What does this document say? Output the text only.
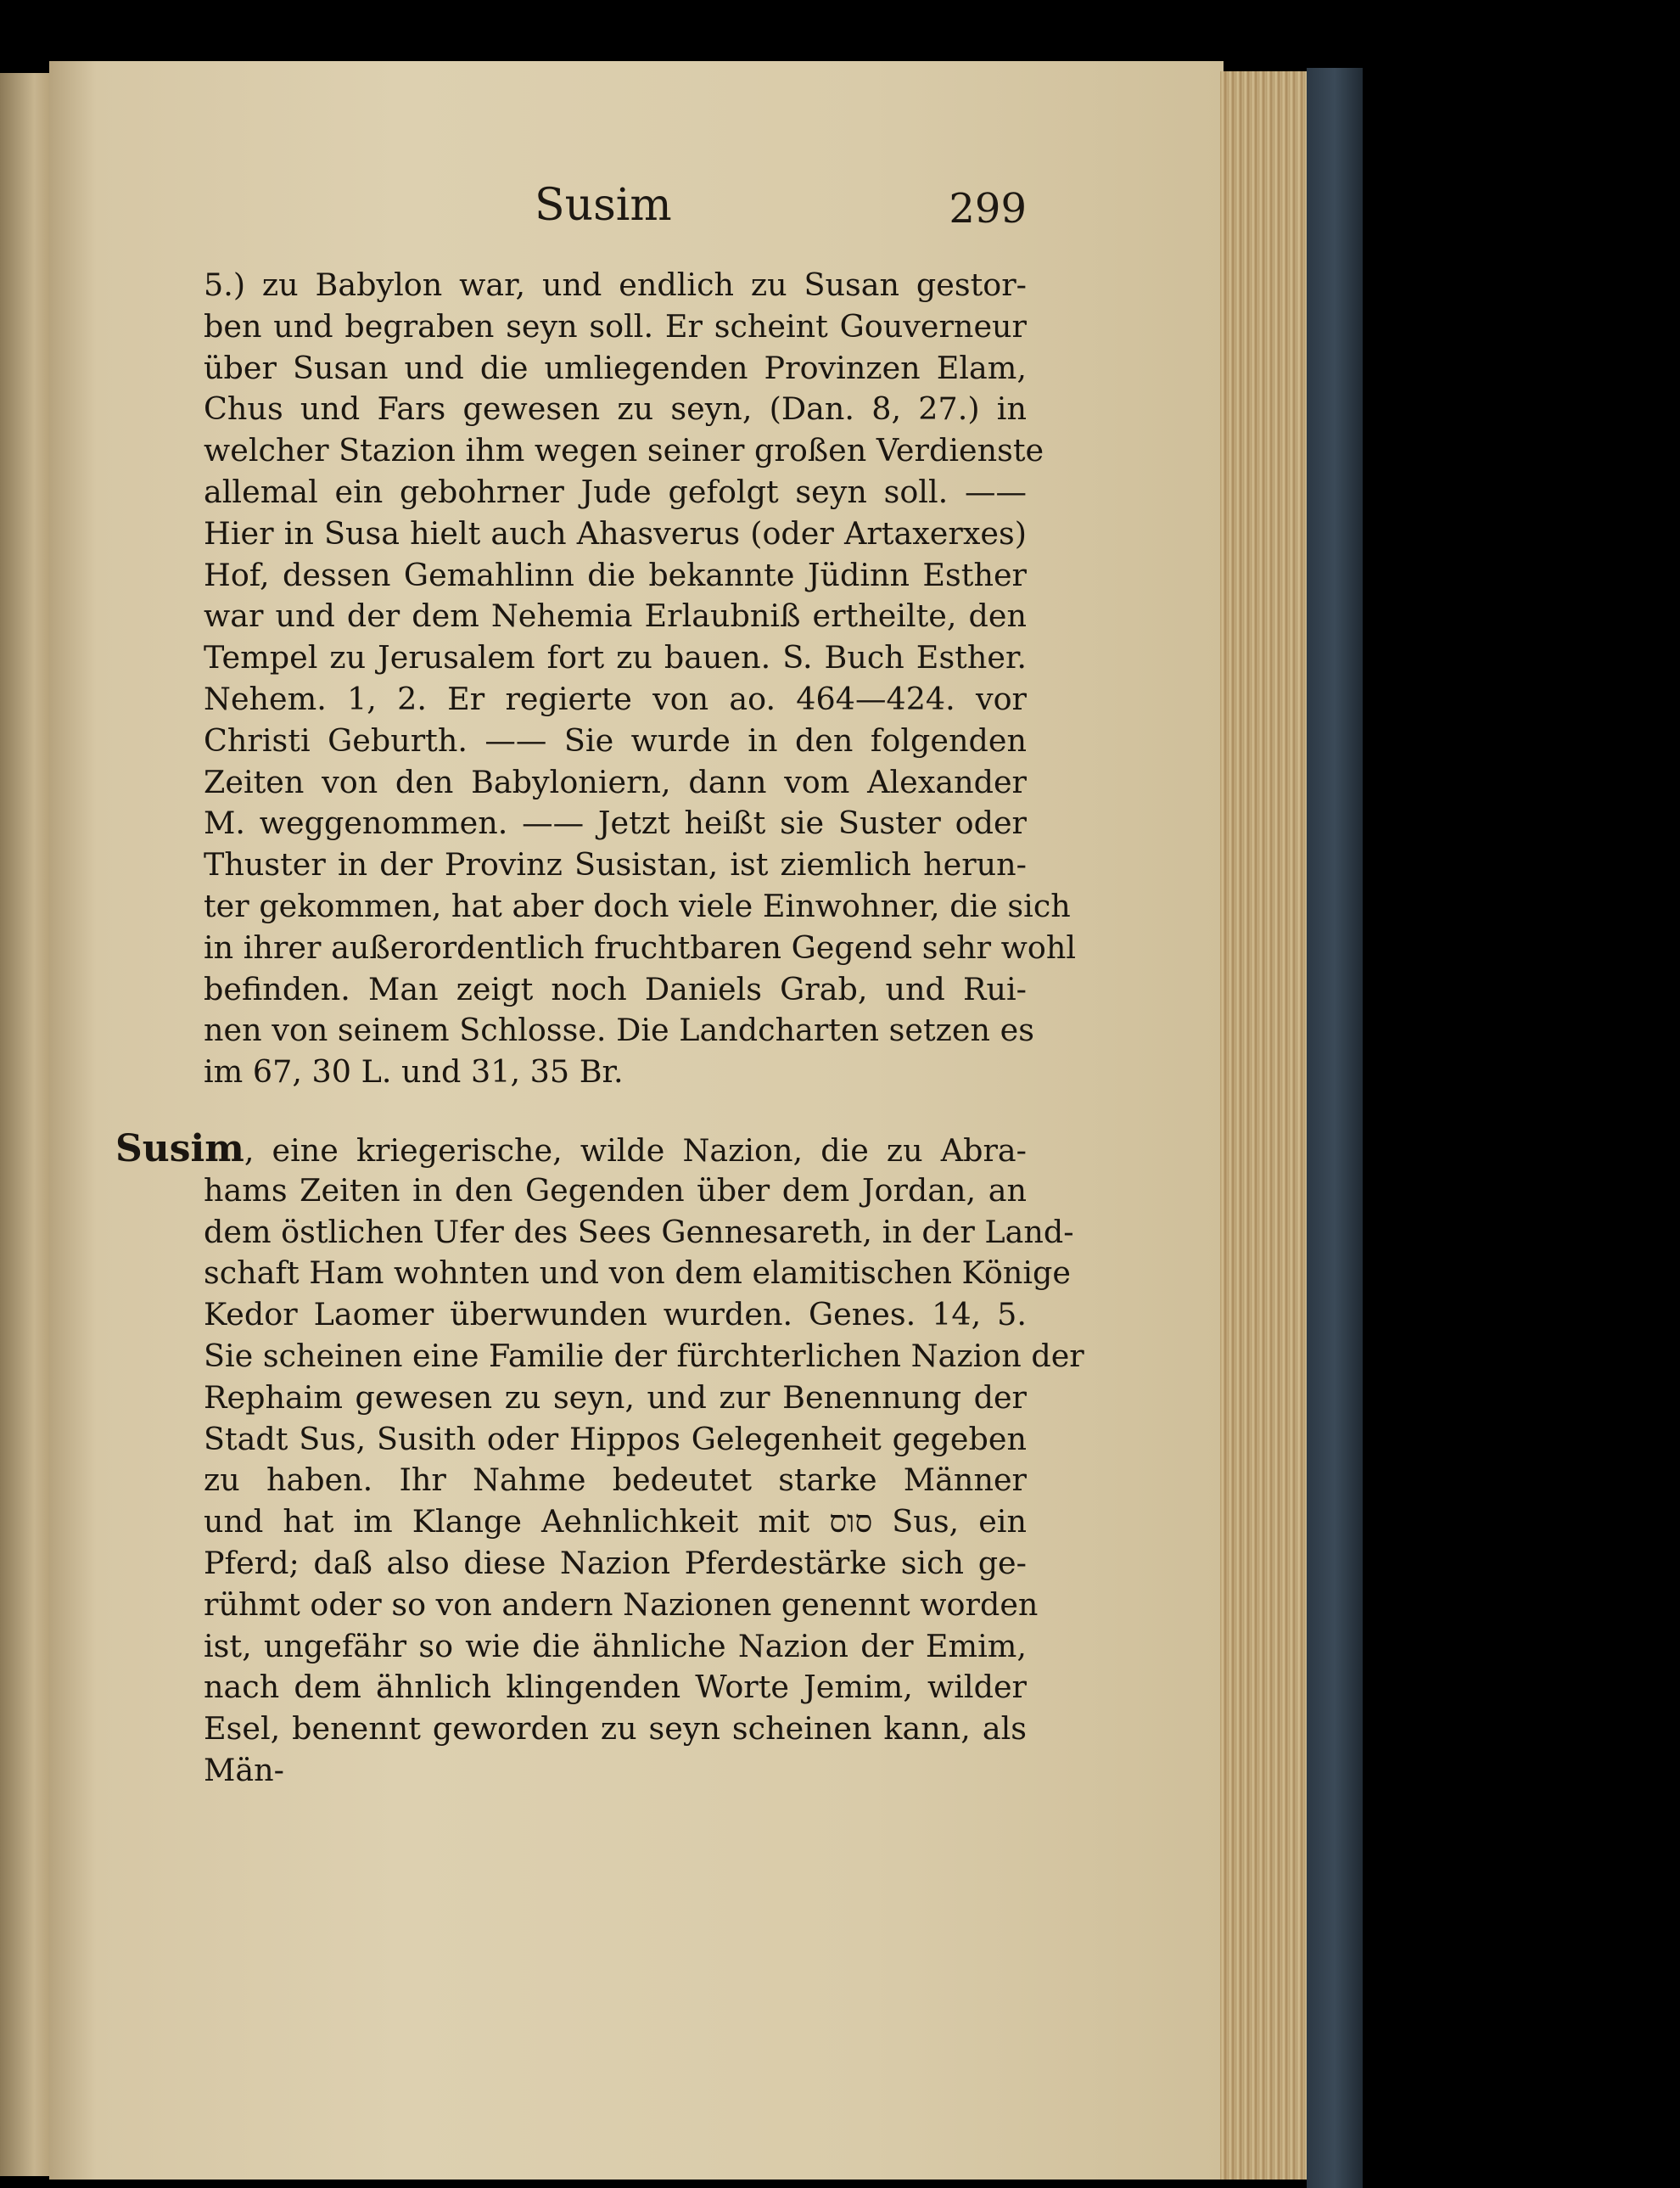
Susim	299
5.) zu Babylon war, und endlich zu Susan gestor-
ben und begraben seyn soll. Er scheint Gouverneur
über Susan und die umliegenden Provinzen Elam,
Chus und Fars gewesen zu seyn, (Dan. 8, 27.) in
welcher Stazion ihm wegen seiner großen Verdienste
allemal ein gebohrner Jude gefolgt seyn soll. ——
Hier in Susa hielt auch Ahasverus (oder Artaxerxes)
Hof, dessen Gemahlinn die bekannte Jüdinn Esther
war und der dem Nehemia Erlaubniß ertheilte, den
Tempel zu Jerusalem fort zu bauen. S. Buch Esther.
Nehem. 1, 2. Er regierte von ao. 464—424. vor
Christi Geburth. —— Sie wurde in den folgenden
Zeiten von den Babyloniern, dann vom Alexander
M. weggenommen. —— Jetzt heißt sie Suster oder
Thuster in der Provinz Susistan, ist ziemlich herun-
ter gekommen, hat aber doch viele Einwohner, die sich
in ihrer außerordentlich fruchtbaren Gegend sehr wohl
befinden. Man zeigt noch Daniels Grab, und Rui-
nen von seinem Schlosse. Die Landcharten setzen es
im 67, 30 L. und 31, 35 Br.
Susim, eine kriegerische, wilde Nazion, die zu Abra-
hams Zeiten in den Gegenden über dem Jordan, an
dem östlichen Ufer des Sees Gennesareth, in der Land-
schaft Ham wohnten und von dem elamitischen Könige
Kedor Laomer überwunden wurden. Genes. 14, 5.
Sie scheinen eine Familie der fürchterlichen Nazion der
Rephaim gewesen zu seyn, und zur Benennung der
Stadt Sus, Susith oder Hippos Gelegenheit gegeben
zu haben. Ihr Nahme bedeutet starke Männer
und hat im Klange Aehnlichkeit mit סוס Sus, ein
Pferd; daß also diese Nazion Pferdestärke sich ge-
rühmt oder so von andern Nazionen genennt worden
ist, ungefähr so wie die ähnliche Nazion der Emim,
nach dem ähnlich klingenden Worte Jemim, wilder
Esel, benennt geworden zu seyn scheinen kann, als
Män-
